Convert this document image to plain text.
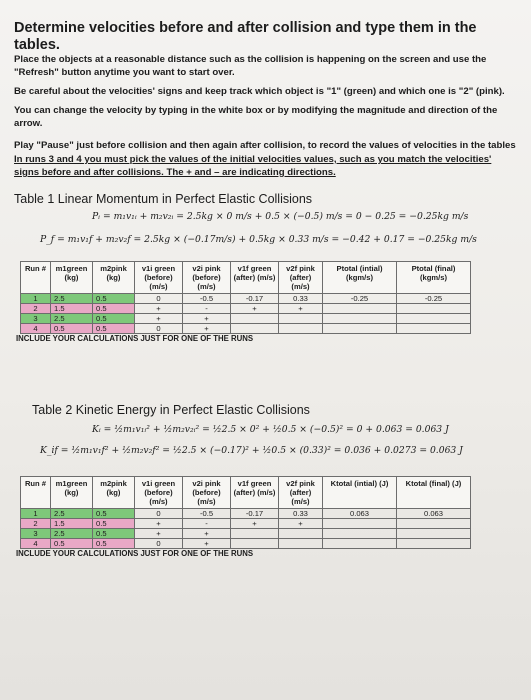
Determine velocities before and after collision and type them in the tables.
Place the objects at a reasonable distance such as the collision is happening on the screen and use the "Refresh" button anytime you want to start over.
Be careful about the velocities' signs and keep track which object is "1" (green) and which one is "2" (pink).
You can change the velocity by typing in the white box or by modifying the magnitude and direction of the arrow.
Play "Pause" just before collision and then again after collision, to record the values of velocities in the tables
In runs 3 and 4 you must pick the values of the initial velocities values, such as you match the velocities' signs before and after collisions. The + and – are indicating directions.
Table 1 Linear Momentum in Perfect Elastic Collisions
Pᵢ = m₁v₁ᵢ + m₂v₂ᵢ = 2.5kg × 0 m/s + 0.5 × (−0.5) m/s = 0 − 0.25 = −0.25kg m/s
P_f = m₁v₁f + m₂v₂f = 2.5kg × (−0.17m/s) + 0.5kg × 0.33 m/s = −0.42 + 0.17 = −0.25kg m/s
Run #	m1green (kg)	m2pink (kg)	v1i green (before) (m/s)	v2i pink (before) (m/s)	v1f green (after) (m/s)	v2f pink (after) (m/s)	Ptotal (intial) (kgm/s)	Ptotal (final) (kgm/s)
1	2.5	0.5	0	-0.5	-0.17	0.33	-0.25	-0.25
2	1.5	0.5	+	-	+	+		
3	2.5	0.5	+	+				
4	0.5	0.5	0	+				
INCLUDE YOUR CALCULATIONS JUST FOR ONE OF THE RUNS
Table 2 Kinetic Energy in Perfect Elastic Collisions
Kᵢ = ½m₁v₁ᵢ² + ½m₂v₂ᵢ² = ½2.5 × 0² + ½0.5 × (−0.5)² = 0 + 0.063 = 0.063 J
K_if = ½m₁v₁f² + ½m₂v₂f² = ½2.5 × (−0.17)² + ½0.5 × (0.33)² = 0.036 + 0.0273 = 0.063 J
Run #	m1green (kg)	m2pink (kg)	v1i green (before) (m/s)	v2i pink (before) (m/s)	v1f green (after) (m/s)	v2f pink (after) (m/s)	Ktotal (intial) (J)	Ktotal (final) (J)
1	2.5	0.5	0	-0.5	-0.17	0.33	0.063	0.063
2	1.5	0.5	+	-	+	+		
3	2.5	0.5	+	+				
4	0.5	0.5	0	+				
INCLUDE YOUR CALCULATIONS JUST FOR ONE OF THE RUNS
